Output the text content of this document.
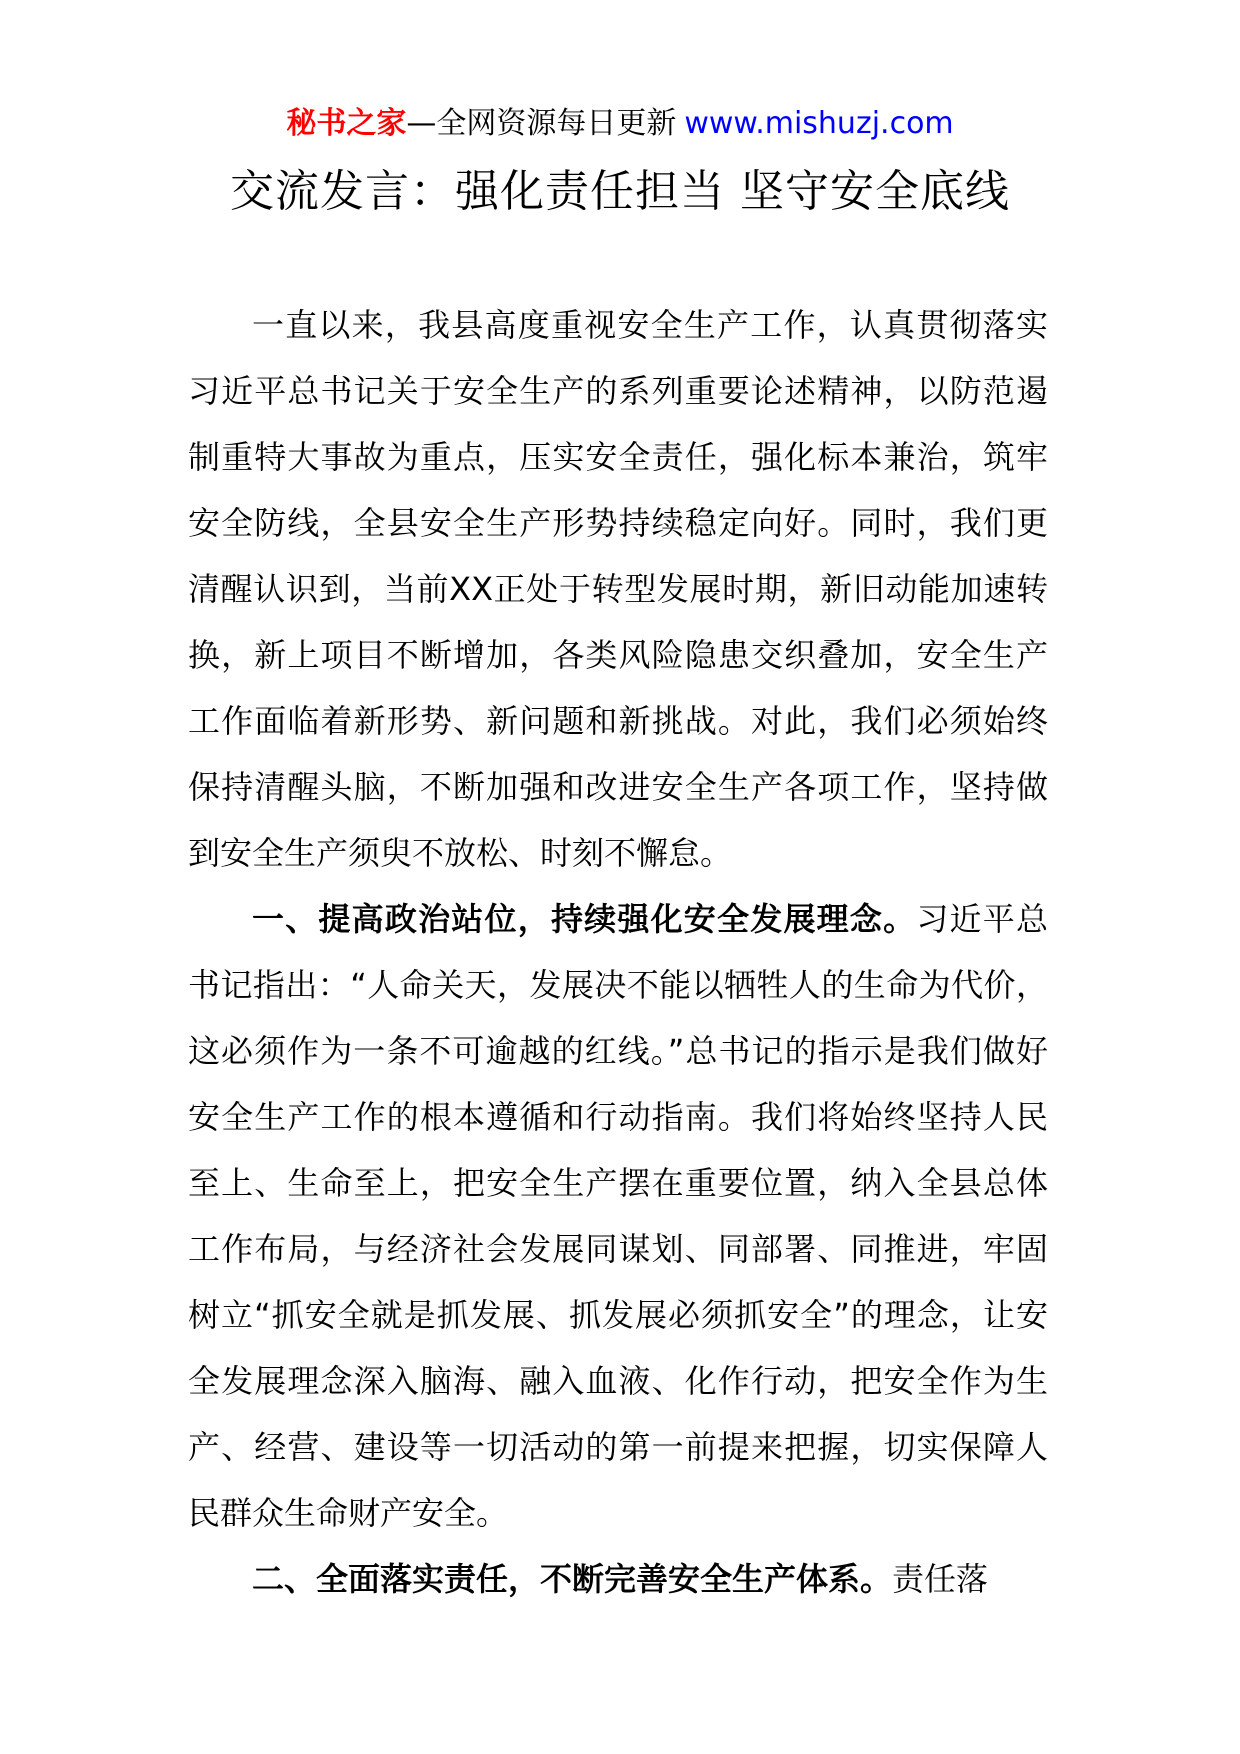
秘书之家—全网资源每日更新 www.mishuzj.com
交流发言：强化责任担当 坚守安全底线

一直以来，我县高度重视安全生产工作，认真贯彻落实习近平总书记关于安全生产的系列重要论述精神，以防范遏制重特大事故为重点，压实安全责任，强化标本兼治，筑牢安全防线，全县安全生产形势持续稳定向好。同时，我们更清醒认识到，当前XX正处于转型发展时期，新旧动能加速转换，新上项目不断增加，各类风险隐患交织叠加，安全生产工作面临着新形势、新问题和新挑战。对此，我们必须始终保持清醒头脑，不断加强和改进安全生产各项工作，坚持做到安全生产须臾不放松、时刻不懈怠。

一、提高政治站位，持续强化安全发展理念。习近平总书记指出：“人命关天，发展决不能以牺牲人的生命为代价，这必须作为一条不可逾越的红线。”总书记的指示是我们做好安全生产工作的根本遵循和行动指南。我们将始终坚持人民至上、生命至上，把安全生产摆在重要位置，纳入全县总体工作布局，与经济社会发展同谋划、同部署、同推进，牢固树立“抓安全就是抓发展、抓发展必须抓安全”的理念，让安全发展理念深入脑海、融入血液、化作行动，把安全作为生产、经营、建设等一切活动的第一前提来把握，切实保障人民群众生命财产安全。

二、全面落实责任，不断完善安全生产体系。责任落
